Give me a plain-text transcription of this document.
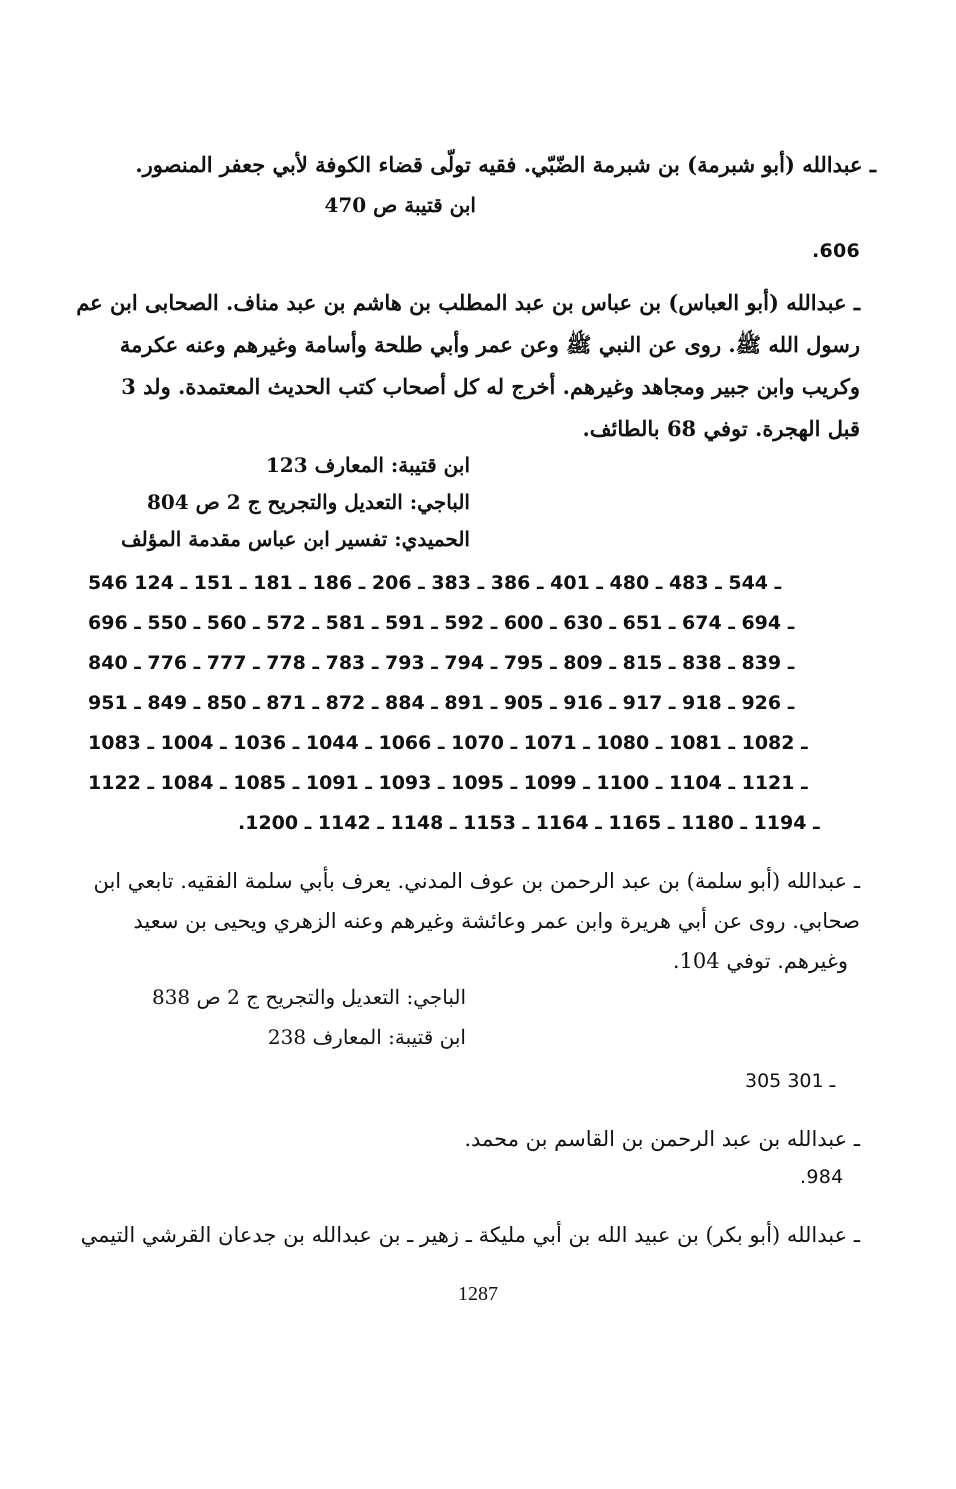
ـ عبدالله (أبو شبرمة) بن شبرمة الضّبّي. فقيه تولّى قضاء الكوفة لأبي جعفر المنصور.
ابن قتيبة ص 470
.606
ـ عبدالله (أبو العباس) بن عباس بن عبد المطلب بن هاشم بن عبد مناف. الصحابى ابن عم
رسول الله ﷺ. روى عن النبي ﷺ وعن عمر وأبي طلحة وأسامة وغيرهم وعنه عكرمة
وكريب وابن جبير ومجاهد وغيرهم. أخرج له كل أصحاب كتب الحديث المعتمدة. ولد 3
قبل الهجرة. توفي 68 بالطائف.
ابن قتيبة: المعارف 123
الباجي: التعديل والتجريح ج 2 ص 804
الحميدي: تفسير ابن عباس مقدمة المؤلف
546 ـ 544 ـ 483 ـ 480 ـ 401 ـ 386 ـ 383 ـ 206 ـ 186 ـ 181 ـ 151 ـ 124
696 ـ 694 ـ 674 ـ 651 ـ 630 ـ 600 ـ 592 ـ 591 ـ 581 ـ 572 ـ 560 ـ 550 ـ
840 ـ 839 ـ 838 ـ 815 ـ 809 ـ 795 ـ 794 ـ 793 ـ 783 ـ 778 ـ 777 ـ 776 ـ
951 ـ 926 ـ 918 ـ 917 ـ 916 ـ 905 ـ 891 ـ 884 ـ 872 ـ 871 ـ 850 ـ 849 ـ
1083 ـ 1082 ـ 1081 ـ 1080 ـ 1071 ـ 1070 ـ 1066 ـ 1044 ـ 1036 ـ 1004 ـ
1122 ـ 1121 ـ 1104 ـ 1100 ـ 1099 ـ 1095 ـ 1093 ـ 1091 ـ 1085 ـ 1084 ـ
.1200 ـ 1194 ـ 1180 ـ 1165 ـ 1164 ـ 1153 ـ 1148 ـ 1142 ـ
ـ عبدالله (أبو سلمة) بن عبد الرحمن بن عوف المدني. يعرف بأبي سلمة الفقيه. تابعي ابن
صحابي. روى عن أبي هريرة وابن عمر وعائشة وغيرهم وعنه الزهري ويحيى بن سعيد
وغيرهم. توفي 104.
الباجي: التعديل والتجريح ج 2 ص 838
ابن قتيبة: المعارف 238
305 ـ 301
ـ عبدالله بن عبد الرحمن بن القاسم بن محمد.
.984
ـ عبدالله (أبو بكر) بن عبيد الله بن أبي مليكة ـ زهير ـ بن عبدالله بن جدعان القرشي التيمي
1287
